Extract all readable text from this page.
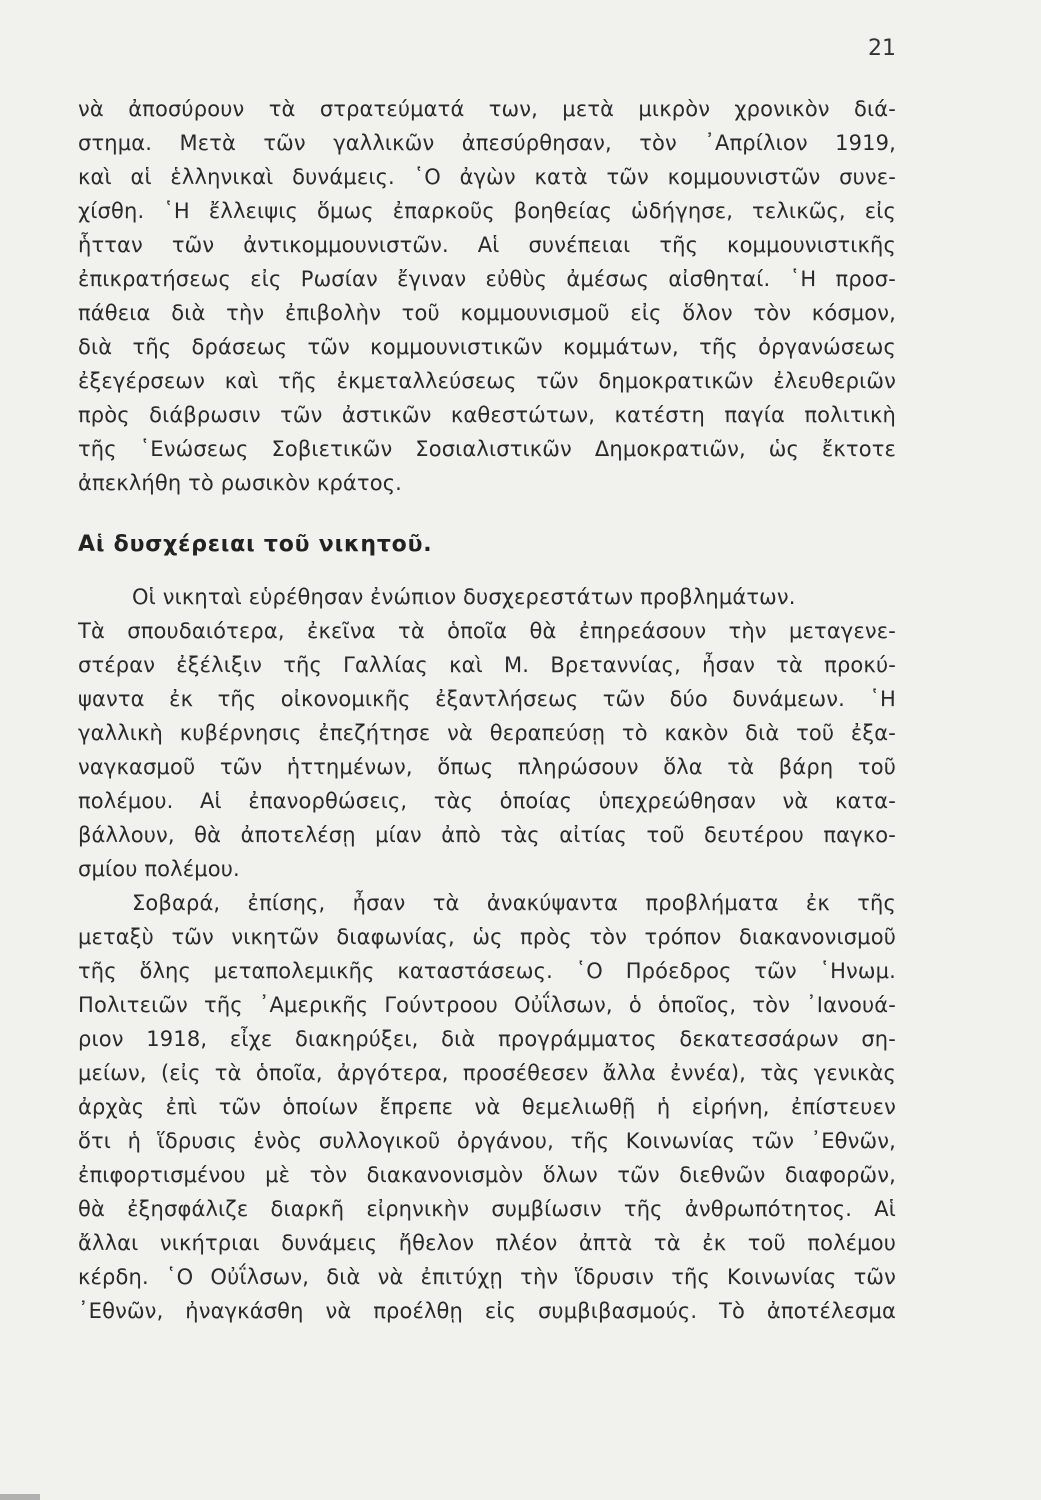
21
νὰ ἀποσύρουν τὰ στρατεύματά των, μετὰ μικρὸν χρονικὸν διά-
στημα. Μετὰ τῶν γαλλικῶν ἀπεσύρθησαν, τὸν ᾿Απρίλιον 1919,
καὶ αἱ ἑλληνικαὶ δυνάμεις. ῾Ο ἀγὼν κατὰ τῶν κομμουνιστῶν συνε-
χίσθη. ῾Η ἔλλειψις ὅμως ἐπαρκοῦς βοηθείας ὡδήγησε, τελικῶς, εἰς
ἧτταν τῶν ἀντικομμουνιστῶν. Αἱ συνέπειαι τῆς κομμουνιστικῆς
ἐπικρατήσεως εἰς Ρωσίαν ἔγιναν εὐθὺς ἀμέσως αἰσθηταί. ῾Η προσ-
πάθεια διὰ τὴν ἐπιβολὴν τοῦ κομμουνισμοῦ εἰς ὅλον τὸν κόσμον,
διὰ τῆς δράσεως τῶν κομμουνιστικῶν κομμάτων, τῆς ὀργανώσεως
ἐξεγέρσεων καὶ τῆς ἐκμεταλλεύσεως τῶν δημοκρατικῶν ἐλευθεριῶν
πρὸς διάβρωσιν τῶν ἀστικῶν καθεστώτων, κατέστη παγία πολιτικὴ
τῆς ῾Ενώσεως Σοβιετικῶν Σοσιαλιστικῶν Δημοκρατιῶν, ὡς ἔκτοτε
ἀπεκλήθη τὸ ρωσικὸν κράτος.
Αἱ δυσχέρειαι τοῦ νικητοῦ.
Οἱ νικηταὶ εὑρέθησαν ἐνώπιον δυσχερεστάτων προβλημάτων.
Τὰ σπουδαιότερα, ἐκεῖνα τὰ ὁποῖα θὰ ἐπηρεάσουν τὴν μεταγενε-
στέραν ἐξέλιξιν τῆς Γαλλίας καὶ Μ. Βρεταννίας, ἦσαν τὰ προκύ-
ψαντα ἐκ τῆς οἰκονομικῆς ἐξαντλήσεως τῶν δύο δυνάμεων. ῾Η
γαλλικὴ κυβέρνησις ἐπεζήτησε νὰ θεραπεύσῃ τὸ κακὸν διὰ τοῦ ἐξα-
ναγκασμοῦ τῶν ἡττημένων, ὅπως πληρώσουν ὅλα τὰ βάρη τοῦ
πολέμου. Αἱ ἐπανορθώσεις, τὰς ὁποίας ὑπεχρεώθησαν νὰ κατα-
βάλλουν, θὰ ἀποτελέσῃ μίαν ἀπὸ τὰς αἰτίας τοῦ δευτέρου παγκο-
σμίου πολέμου.
Σοβαρά, ἐπίσης, ἦσαν τὰ ἀνακύψαντα προβλήματα ἐκ τῆς
μεταξὺ τῶν νικητῶν διαφωνίας, ὡς πρὸς τὸν τρόπον διακανονισμοῦ
τῆς ὅλης μεταπολεμικῆς καταστάσεως. ῾Ο Πρόεδρος τῶν ῾Ηνωμ.
Πολιτειῶν τῆς ᾿Αμερικῆς Γούντροου Οὐΐλσων, ὁ ὁποῖος, τὸν ᾿Ιανουά-
ριον 1918, εἶχε διακηρύξει, διὰ προγράμματος δεκατεσσάρων ση-
μείων, (εἰς τὰ ὁποῖα, ἀργότερα, προσέθεσεν ἄλλα ἐννέα), τὰς γενικὰς
ἀρχὰς ἐπὶ τῶν ὁποίων ἔπρεπε νὰ θεμελιωθῇ ἡ εἰρήνη, ἐπίστευεν
ὅτι ἡ ἵδρυσις ἑνὸς συλλογικοῦ ὀργάνου, τῆς Κοινωνίας τῶν ᾿Εθνῶν,
ἐπιφορτισμένου μὲ τὸν διακανονισμὸν ὅλων τῶν διεθνῶν διαφορῶν,
θὰ ἐξησφάλιζε διαρκῆ εἰρηνικὴν συμβίωσιν τῆς ἀνθρωπότητος. Αἱ
ἄλλαι νικήτριαι δυνάμεις ἤθελον πλέον ἀπτὰ τὰ ἐκ τοῦ πολέμου
κέρδη. ῾Ο Οὐΐλσων, διὰ νὰ ἐπιτύχῃ τὴν ἵδρυσιν τῆς Κοινωνίας τῶν
᾿Εθνῶν, ἠναγκάσθη νὰ προέλθῃ εἰς συμβιβασμούς. Τὸ ἀποτέλεσμα
